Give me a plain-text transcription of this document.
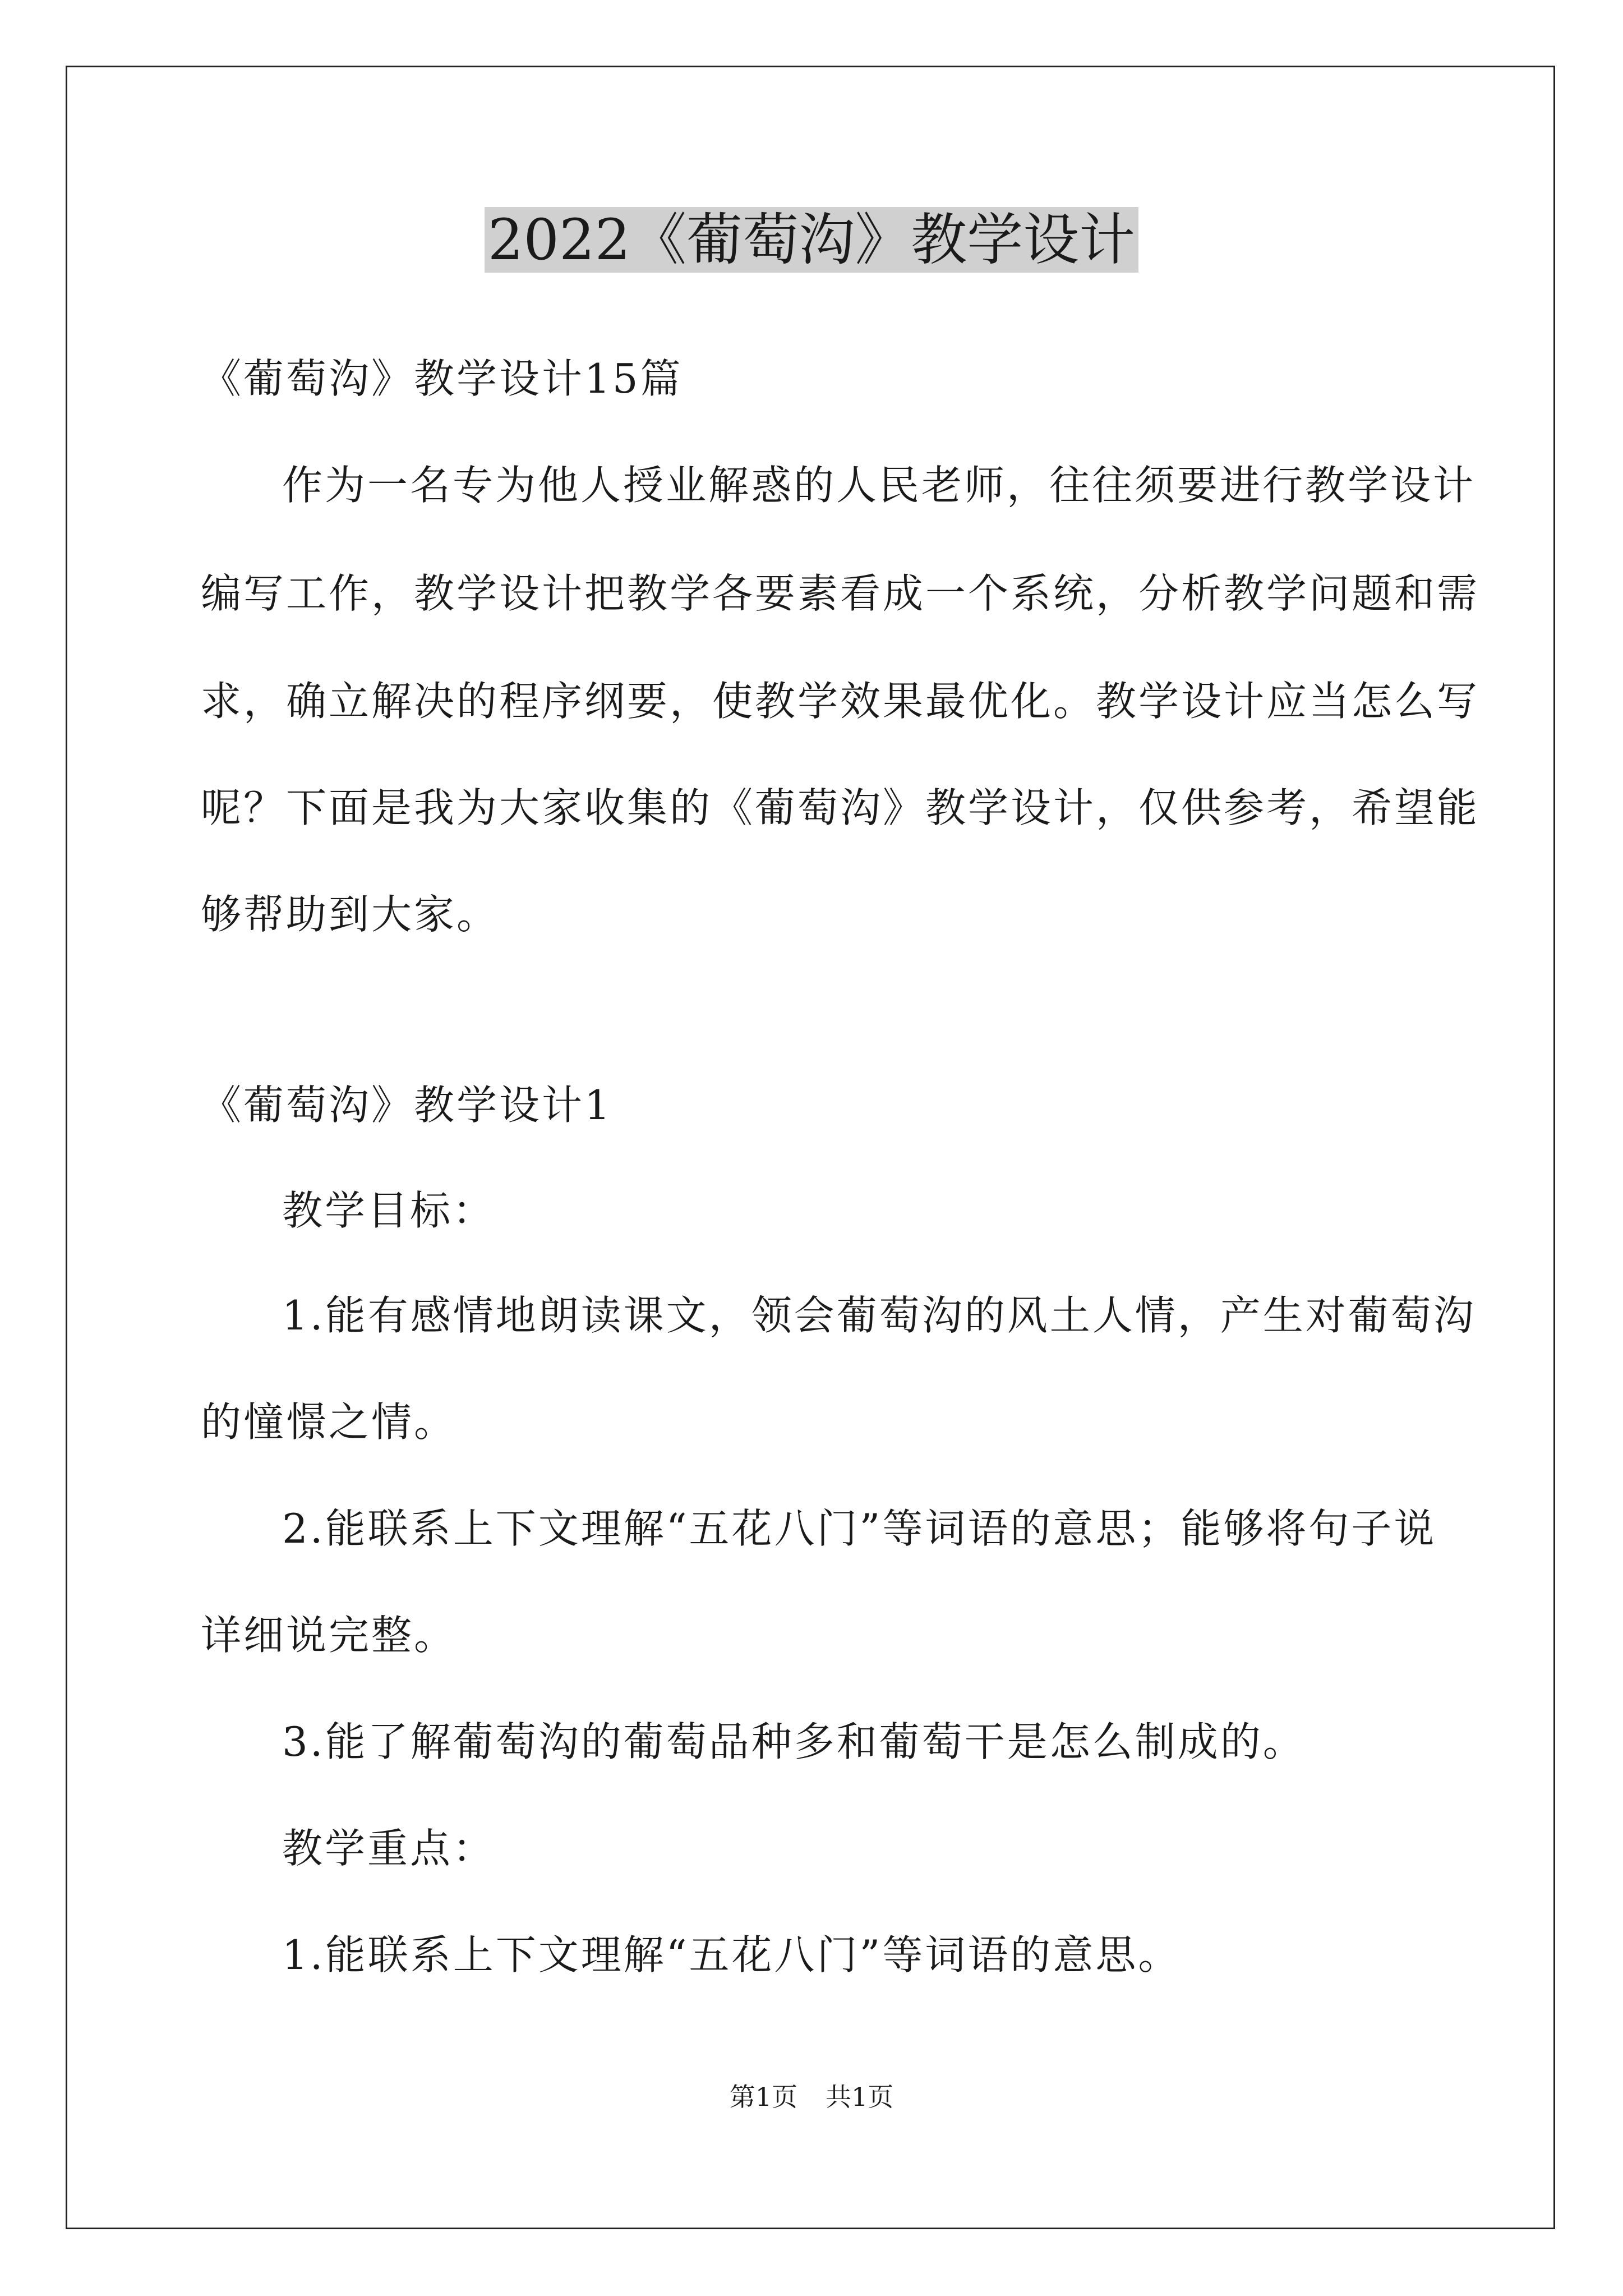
2022《葡萄沟》教学设计
《葡萄沟》教学设计15篇
作为一名专为他人授业解惑的人民老师，往往须要进行教学设计
编写工作，教学设计把教学各要素看成一个系统，分析教学问题和需
求，确立解决的程序纲要，使教学效果最优化。教学设计应当怎么写
呢？下面是我为大家收集的《葡萄沟》教学设计，仅供参考，希望能
够帮助到大家。
《葡萄沟》教学设计1
教学目标：
1.能有感情地朗读课文，领会葡萄沟的风土人情，产生对葡萄沟
的憧憬之情。
2.能联系上下文理解“五花八门”等词语的意思；能够将句子说
详细说完整。
3.能了解葡萄沟的葡萄品种多和葡萄干是怎么制成的。
教学重点：
1.能联系上下文理解“五花八门”等词语的意思。
第1页 共1页
